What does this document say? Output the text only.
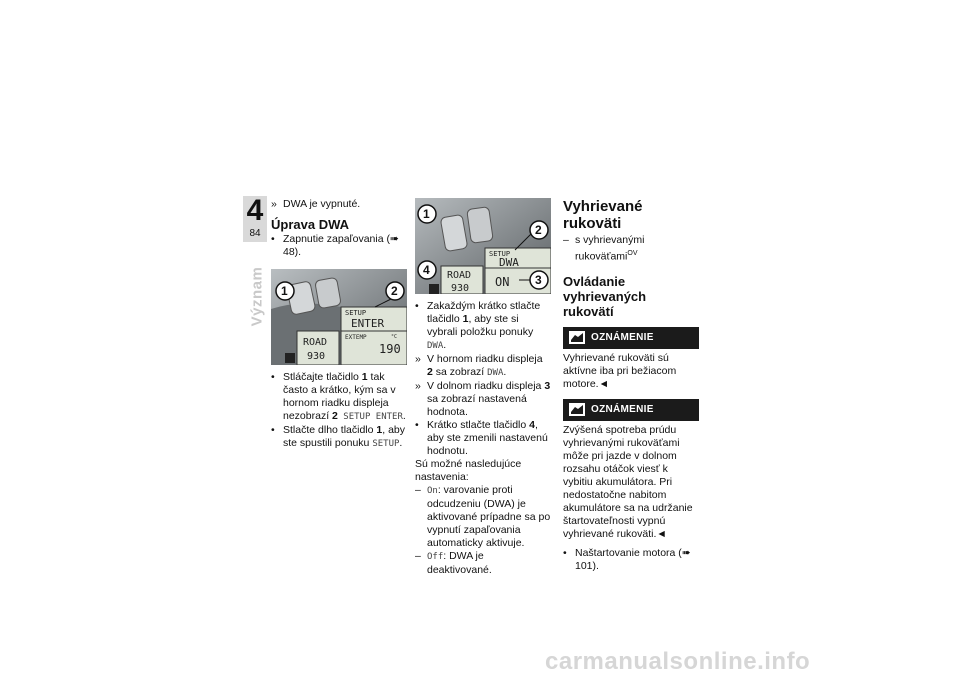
4
84
Význam
» DWA je vypnuté.
Úprava DWA
• Zapnutie zapaľovania (➠ 48).
SETUP
ENTER
EXTEMP	°C
190
ROAD
930
1	2
• Stláčajte tlačidlo 1 tak často a krátko, kým sa v hornom riadku displeja nezobrazí 2 SETUP ENTER.
• Stlačte dlho tlačidlo 1, aby ste spustili ponuku SETUP.
SETUP
DWA
ON
ROAD
930
1
2
3
4
• Zakaždým krátko stlačte tlačidlo 1, aby ste si vybrali položku ponuky DWA.
» V hornom riadku displeja 2 sa zobrazí DWA.
» V dolnom riadku displeja 3 sa zobrazí nastavená hodnota.
• Krátko stlačte tlačidlo 4, aby ste zmenili nastavenú hodnotu.

Sú možné nasledujúce nastavenia:

– On: varovanie proti odcudzeniu (DWA) je aktivované prípadne sa po vypnutí zapaľovania automaticky aktivuje.
– Off: DWA je deaktivované.
Vyhrievané rukoväti
– s vyhrievanými rukoväťami$^{OV}$
Ovládanie vyhrievaných rukovätí
OZNÁMENIE

Vyhrievané rukoväti sú aktívne iba pri bežiacom motore.◄

OZNÁMENIE

Zvýšená spotreba prúdu vyhrievanými rukoväťami môže pri jazde v dolnom rozsahu otáčok viesť k vybitiu akumulátora. Pri nedostatočne nabitom akumulátore sa na udržanie štartovateľnosti vypnú vyhrievané rukoväti.◄

• Naštartovanie motora (➠ 101).
carmanualsonline.info
